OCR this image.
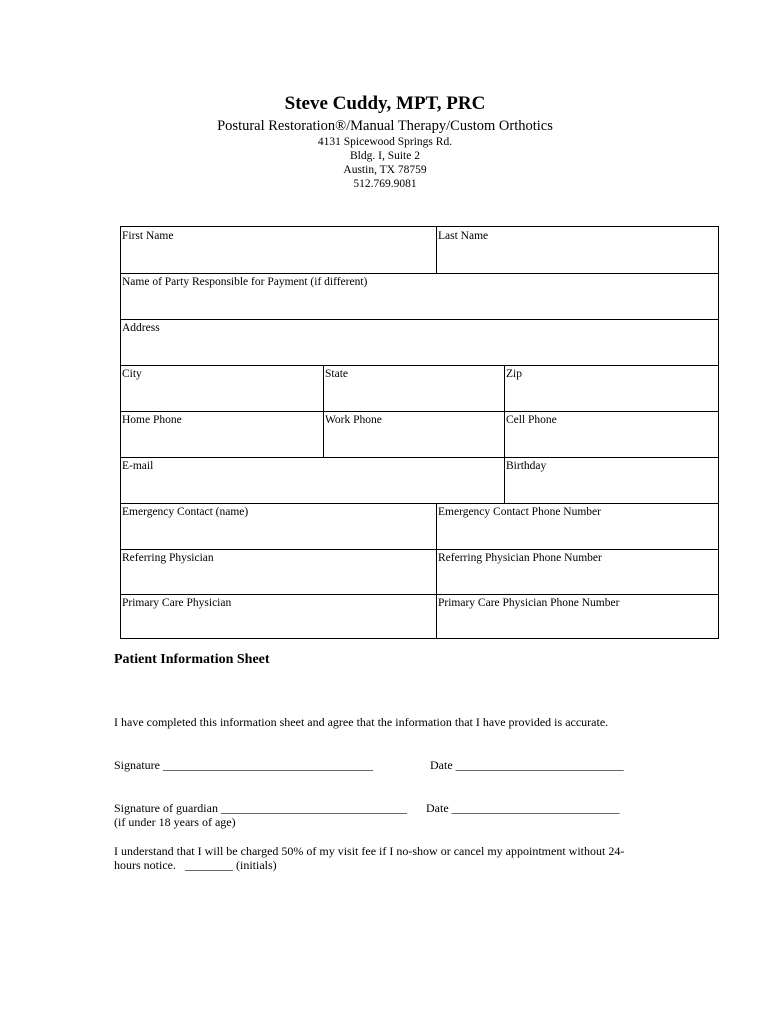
Steve Cuddy, MPT, PRC
Postural Restoration®/Manual Therapy/Custom Orthotics
4131 Spicewood Springs Rd.
Bldg. I, Suite 2
Austin, TX 78759
512.769.9081
First Name	Last Name
Name of Party Responsible for Payment (if different)
Address
City	State	Zip
Home Phone	Work Phone	Cell Phone
E-mail	Birthday
Emergency Contact (name)	Emergency Contact Phone Number
Referring Physician	Referring Physician Phone Number
Primary Care Physician	Primary Care Physician Phone Number
Patient Information Sheet
I have completed this information sheet and agree that the information that I have provided is accurate.
Signature ___________________________________	Date ____________________________
Signature of guardian _______________________________ Date ____________________________
(if under 18 years of age)
I understand that I will be charged 50% of my visit fee if I no-show or cancel my appointment without 24-
hours notice.   ________ (initials)
